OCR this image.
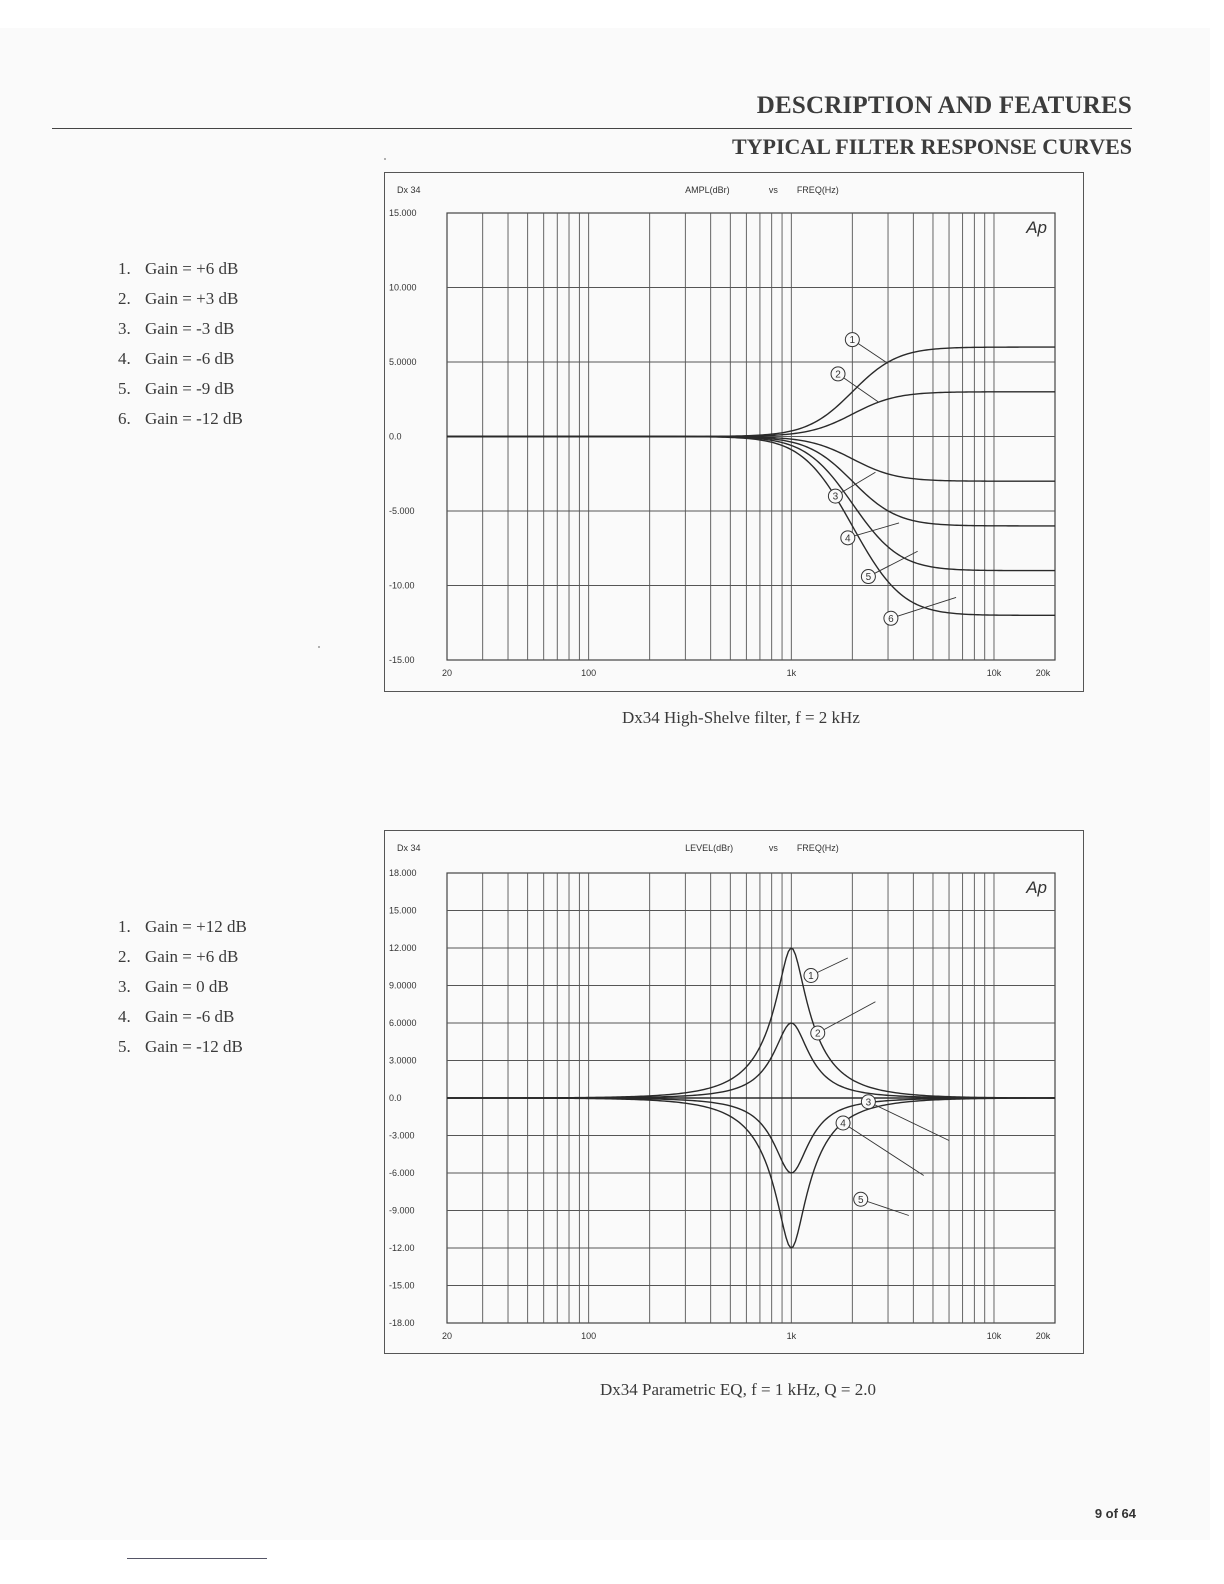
DESCRIPTION AND FEATURES
TYPICAL FILTER RESPONSE CURVES
1. Gain = +6 dB
2. Gain = +3 dB
3. Gain = -3 dB
4. Gain = -6 dB
5. Gain = -9 dB
6. Gain = -12 dB
Dx 34	AMPL(dBr)	vs FREQ(Hz)
15.000
10.000
5.0000
0.0
-5.000
-10.00
-15.00
20	100	1k	10k	20k
Ap
1
2
3
4
5
6
Dx34 High-Shelve filter, f = 2 kHz
1. Gain = +12 dB
2. Gain = +6 dB
3. Gain = 0 dB
4. Gain = -6 dB
5. Gain = -12 dB
Dx 34	LEVEL(dBr)	vs FREQ(Hz)
18.000
15.000
12.000
9.0000
6.0000
3.0000
0.0
-3.000
-6.000
-9.000
-12.00
-15.00
-18.00
20	100	1k	10k	20k
Ap
1
2
3
4
5
Dx34 Parametric EQ, f = 1 kHz, Q = 2.0
9 of 64
